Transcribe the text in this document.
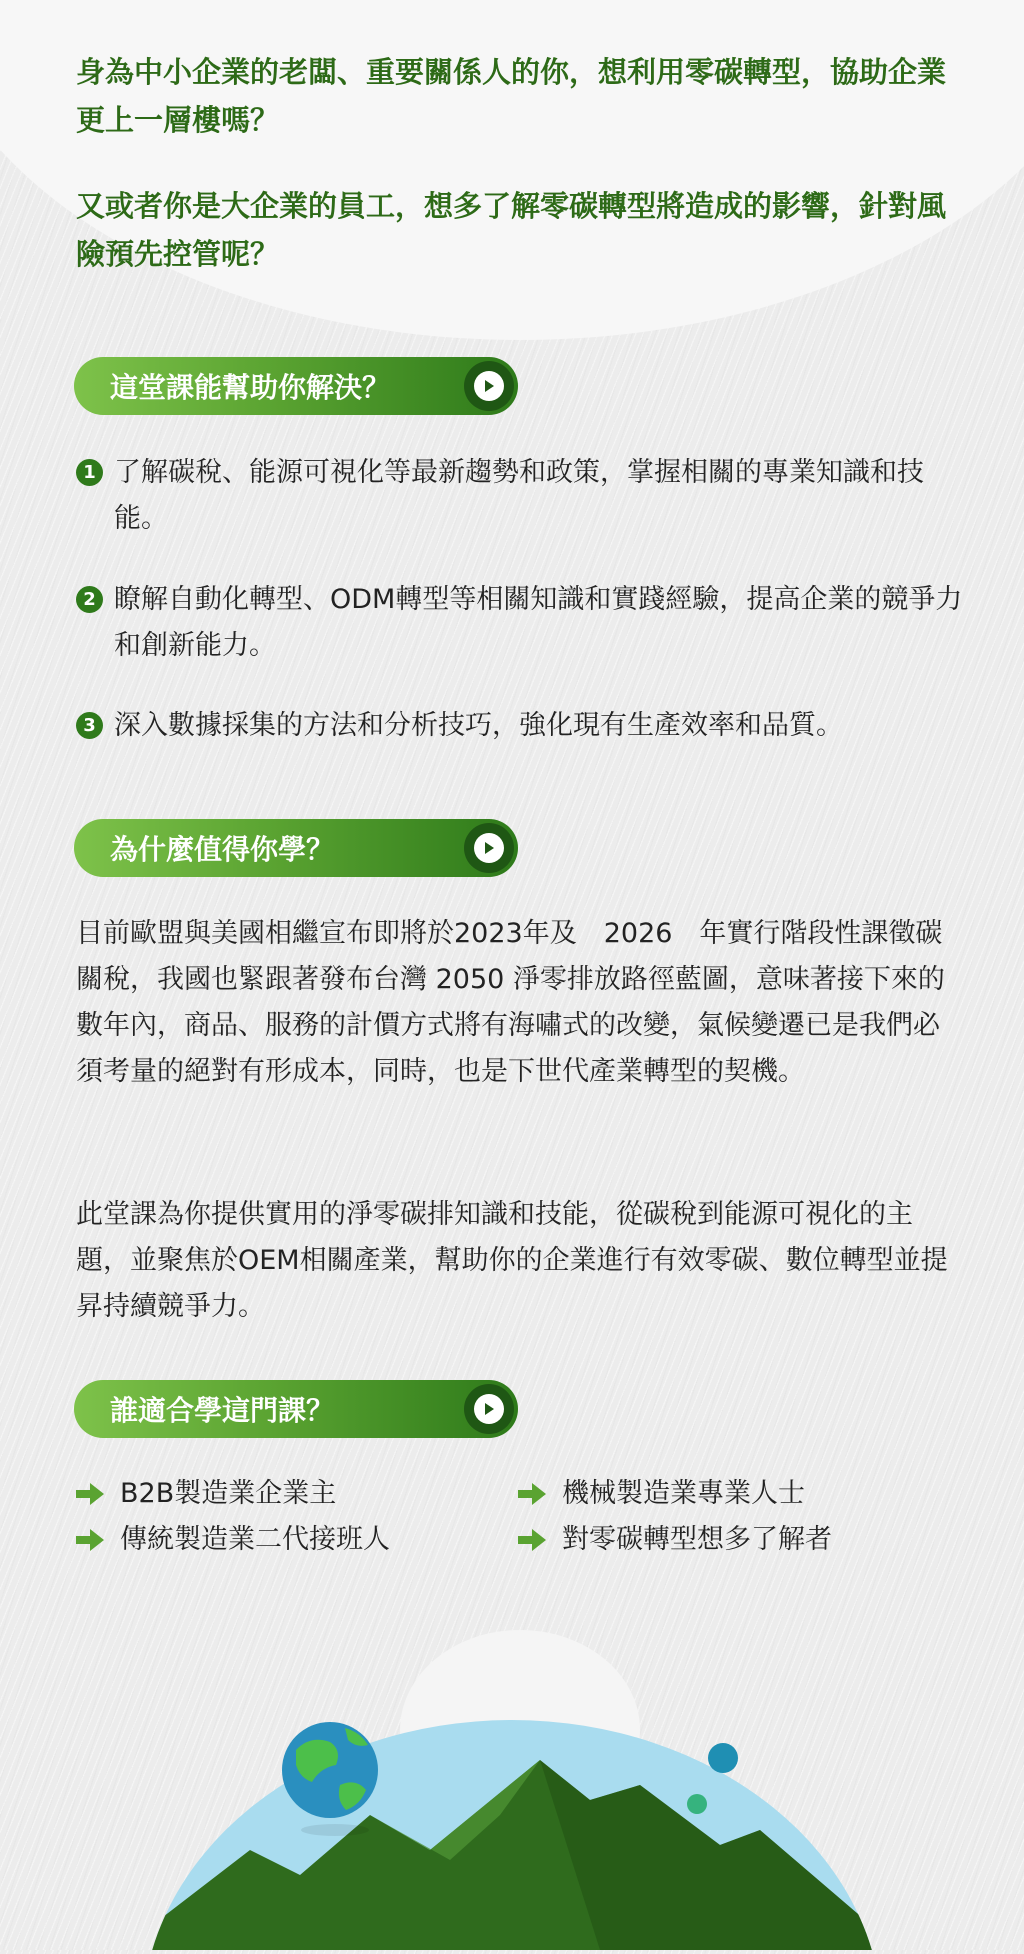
身為中小企業的老闆、重要關係人的你，想利用零碳轉型，協助企業更上一層樓嗎？

又或者你是大企業的員工，想多了解零碳轉型將造成的影響，針對風險預先控管呢？

這堂課能幫助你解決？
1 了解碳稅、能源可視化等最新趨勢和政策，掌握相關的專業知識和技能。
2 瞭解自動化轉型、ODM轉型等相關知識和實踐經驗，提高企業的競爭力和創新能力。
3 深入數據採集的方法和分析技巧，強化現有生產效率和品質。
為什麼值得你學？

目前歐盟與美國相繼宣布即將於2023年及　2026　年實行階段性課徵碳關稅，我國也緊跟著發布台灣 2050 淨零排放路徑藍圖，意味著接下來的數年內，商品、服務的計價方式將有海嘯式的改變，氣候變遷已是我們必須考量的絕對有形成本，同時，也是下世代產業轉型的契機。

此堂課為你提供實用的淨零碳排知識和技能，從碳稅到能源可視化的主題，並聚焦於OEM相關產業，幫助你的企業進行有效零碳、數位轉型並提昇持續競爭力。

誰適合學這門課？
B2B製造業企業主	機械製造業專業人士
傳統製造業二代接班人	對零碳轉型想多了解者
